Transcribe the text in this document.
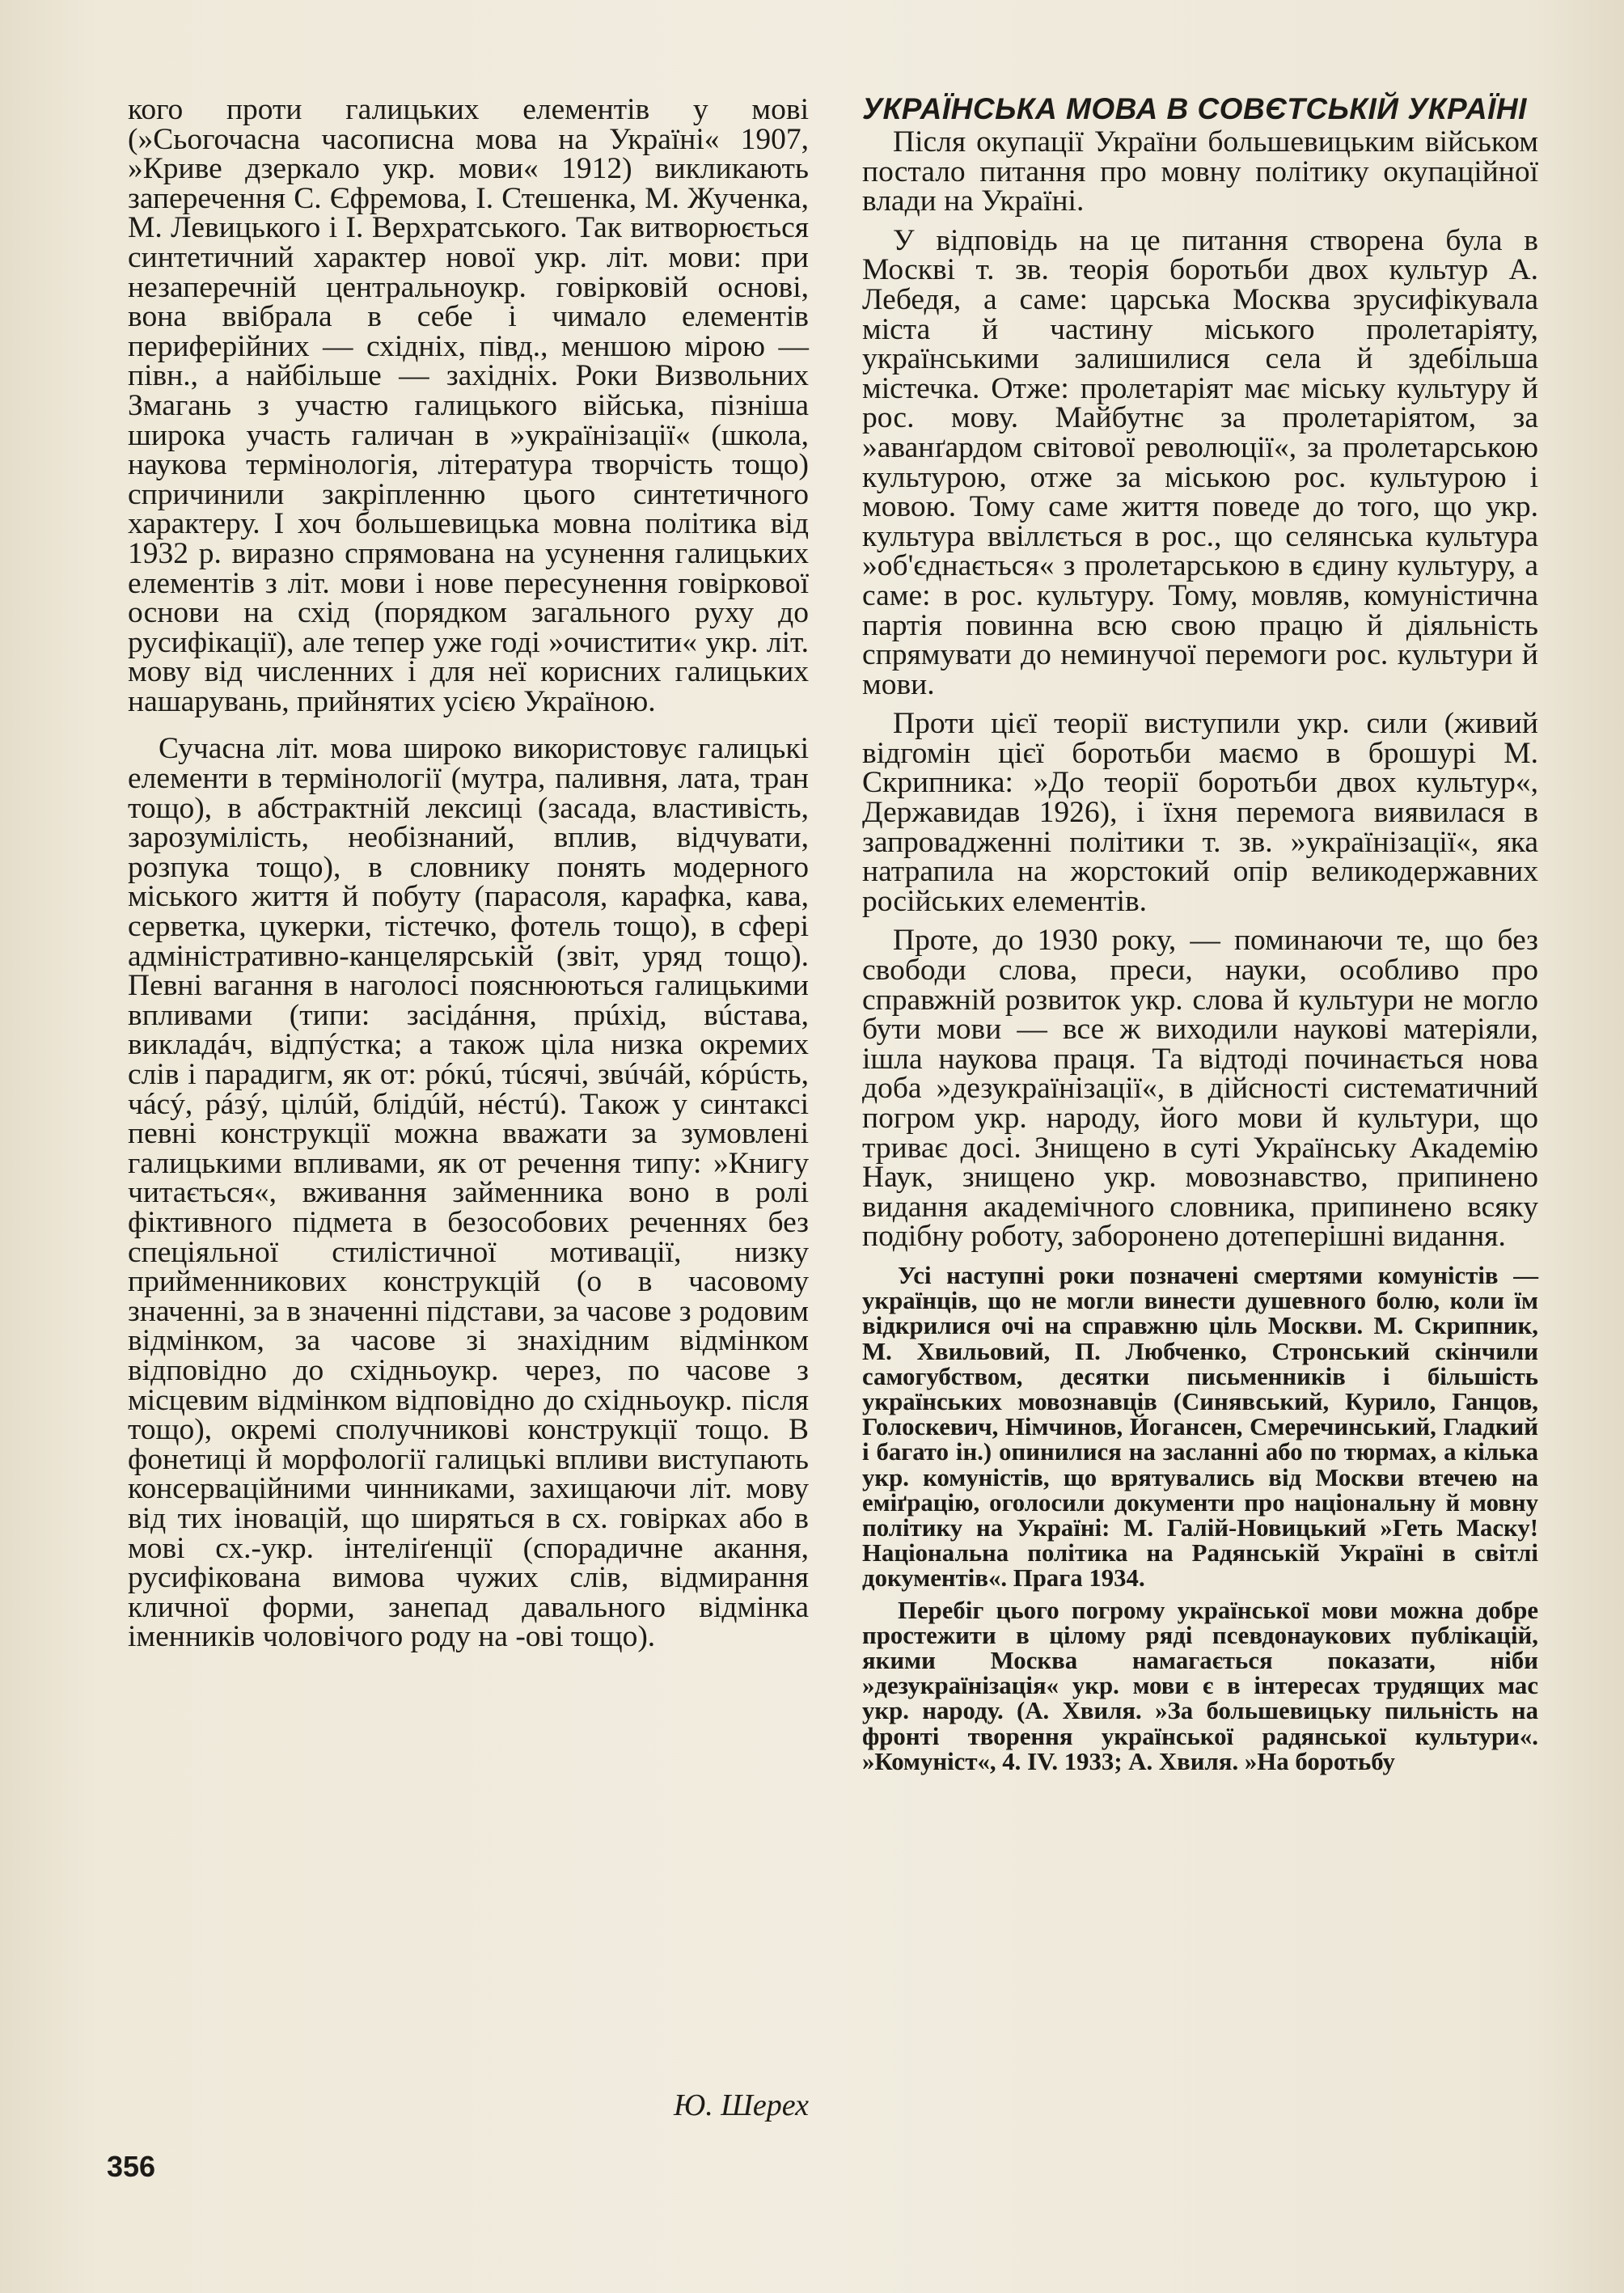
кого проти галицьких елементів у мові (»Сьогочасна часописна мова на Україні« 1907, »Криве дзеркало укр. мови« 1912) викликають заперечення С. Єфремова, І. Стешенка, М. Жученка, М. Левицького і І. Верхратського. Так витворюється синтетичний характер нової укр. літ. мови: при незаперечній центральноукр. говірковій основі, вона ввібрала в себе і чимало елементів периферійних — східніх, півд., меншою мірою — півн., а найбільше — західніх. Роки Визвольних Змагань з участю галицького війська, пізніша широка участь галичан в »українізації« (школа, наукова термінологія, література творчість тощо) спричинили закріпленню цього синтетичного характеру. І хоч большевицька мовна політика від 1932 р. виразно спрямована на усунення галицьких елементів з літ. мови і нове пересунення говіркової основи на схід (порядком загального руху до русифікації), але тепер уже годі »очистити« укр. літ. мову від численних і для неї корисних галицьких нашарувань, прийнятих усією Україною.

Сучасна літ. мова широко використовує галицькі елементи в термінології (мутра, паливня, лата, тран тощо), в абстрактній лексиці (засада, властивість, зарозумілість, необізнаний, вплив, відчувати, розпука тощо), в словнику понять модерного міського життя й побуту (парасоля, карафка, кава, серветка, цукерки, тістечко, фотель тощо), в сфері адміністративно-канцелярській (звіт, уряд тощо). Певні вагання в наголосі пояснюються галицькими впливами (типи: засідáння, прúхід, вúстава, викладáч, відпýстка; а також ціла низка окремих слів і парадигм, як от: рóкú, тúсячі, звúчáй, кóрúсть, чáсý, рáзý, цілúй, блідúй, нéстú). Також у синтаксі певні конструкції можна вважати за зумовлені галицькими впливами, як от речення типу: »Книгу читається«, вживання займенника воно в ролі фіктивного підмета в безособових реченнях без спеціяльної стилістичної мотивації, низку прийменникових конструкцій (о в часовому значенні, за в значенні підстави, за часове з родовим відмінком, за часове зі знахідним відмінком відповідно до східньоукр. через, по часове з місцевим відмінком відповідно до східньоукр. після тощо), окремі сполучникові конструкції тощо. В фонетиці й морфології галицькі впливи виступають консерваційними чинниками, захищаючи літ. мову від тих іновацій, що ширяться в сх. говірках або в мові сх.-укр. інтеліґенції (спорадичне акання, русифікована вимова чужих слів, відмирання кличної форми, занепад давального відмінка іменників чоловічого роду на -ові тощо).

Ю. Шерех
УКРАЇНСЬКА МОВА В СОВЄТСЬКІЙ УКРАЇНІ

Після окупації України большевицьким військом постало питання про мовну політику окупаційної влади на Україні.

У відповідь на це питання створена була в Москві т. зв. теорія боротьби двох культур А. Лебедя, а саме: царська Москва зрусифікувала міста й частину міського пролетаріяту, українськими залишилися села й здебільша містечка. Отже: пролетаріят має міську культуру й рос. мову. Майбутнє за пролетаріятом, за »аванґардом світової революції«, за пролетарською культурою, отже за міською рос. культурою і мовою. Тому саме життя поведе до того, що укр. культура ввіллється в рос., що селянська культура »об'єднається« з пролетарською в єдину культуру, а саме: в рос. культуру. Тому, мовляв, комуністична партія повинна всю свою працю й діяльність спрямувати до неминучої перемоги рос. культури й мови.

Проти цієї теорії виступили укр. сили (живий відгомін цієї боротьби маємо в брошурі М. Скрипника: »До теорії боротьби двох культур«, Державидав 1926), і їхня перемога виявилася в запровадженні політики т. зв. »українізації«, яка натрапила на жорстокий опір великодержавних російських елементів.

Проте, до 1930 року, — поминаючи те, що без свободи слова, преси, науки, особливо про справжній розвиток укр. слова й культури не могло бути мови — все ж виходили наукові матеріяли, ішла наукова праця. Та відтоді починається нова доба »дезукраїнізації«, в дійсності систематичний погром укр. народу, його мови й культури, що триває досі. Знищено в суті Українську Академію Наук, знищено укр. мовознавство, припинено видання академічного словника, припинено всяку подібну роботу, заборонено дотеперішні видання.

Усі наступні роки позначені смертями комуністів — українців, що не могли винести душевного болю, коли їм відкрилися очі на справжню ціль Москви. М. Скрипник, М. Хвильовий, П. Любченко, Стронський скінчили самогубством, десятки письменників і більшість українських мовознавців (Синявський, Курило, Ганцов, Голоскевич, Німчинов, Йогансен, Смеречинський, Гладкий і багато ін.) опинилися на засланні або по тюрмах, а кілька укр. комуністів, що врятувались від Москви втечею на еміґрацію, оголосили документи про національну й мовну політику на Україні: М. Галій-Новицький »Геть Маску! Національна політика на Радянській Україні в світлі документів«. Прага 1934.

Перебіг цього погрому української мови можна добре простежити в цілому ряді псевдонаукових публікацій, якими Москва намагається показати, ніби »дезукраїнізація« укр. мови є в інтересах трудящих мас укр. народу. (А. Хвиля. »За большевицьку пильність на фронті творення української радянської культури«. »Комуніст«, 4. IV. 1933; А. Хвиля. »На боротьбу

356
